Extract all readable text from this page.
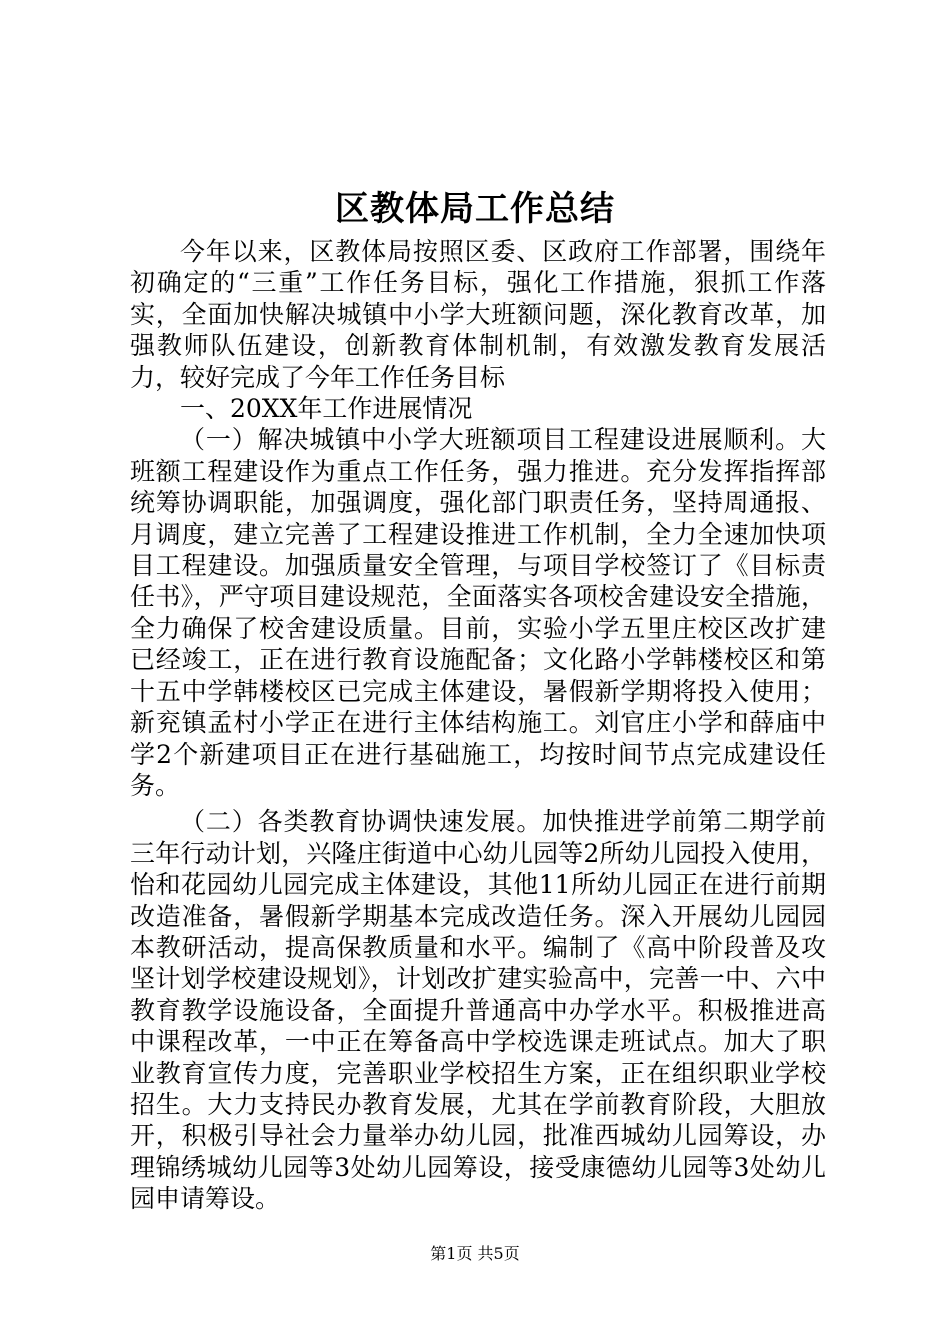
区教体局工作总结

今年以来，区教体局按照区委、区政府工作部署，围绕年初确定的“三重”工作任务目标，强化工作措施，狠抓工作落实，全面加快解决城镇中小学大班额问题，深化教育改革，加强教师队伍建设，创新教育体制机制，有效激发教育发展活力，较好完成了今年工作任务目标

一、20XX年工作进展情况

（一）解决城镇中小学大班额项目工程建设进展顺利。大班额工程建设作为重点工作任务，强力推进。充分发挥指挥部统筹协调职能，加强调度，强化部门职责任务，坚持周通报、月调度，建立完善了工程建设推进工作机制，全力全速加快项目工程建设。加强质量安全管理，与项目学校签订了《目标责任书》，严守项目建设规范，全面落实各项校舍建设安全措施，全力确保了校舍建设质量。目前，实验小学五里庄校区改扩建已经竣工，正在进行教育设施配备；文化路小学韩楼校区和第十五中学韩楼校区已完成主体建设，暑假新学期将投入使用；新兖镇孟村小学正在进行主体结构施工。刘官庄小学和薛庙中学2个新建项目正在进行基础施工，均按时间节点完成建设任务。

（二）各类教育协调快速发展。加快推进学前第二期学前三年行动计划，兴隆庄街道中心幼儿园等2所幼儿园投入使用，怡和花园幼儿园完成主体建设，其他11所幼儿园正在进行前期改造准备，暑假新学期基本完成改造任务。深入开展幼儿园园本教研活动，提高保教质量和水平。编制了《高中阶段普及攻坚计划学校建设规划》，计划改扩建实验高中，完善一中、六中教育教学设施设备，全面提升普通高中办学水平。积极推进高中课程改革，一中正在筹备高中学校选课走班试点。加大了职业教育宣传力度，完善职业学校招生方案，正在组织职业学校招生。大力支持民办教育发展，尤其在学前教育阶段，大胆放开，积极引导社会力量举办幼儿园，批准西城幼儿园筹设，办理锦绣城幼儿园等3处幼儿园筹设，接受康德幼儿园等3处幼儿园申请筹设。

第1页 共5页
